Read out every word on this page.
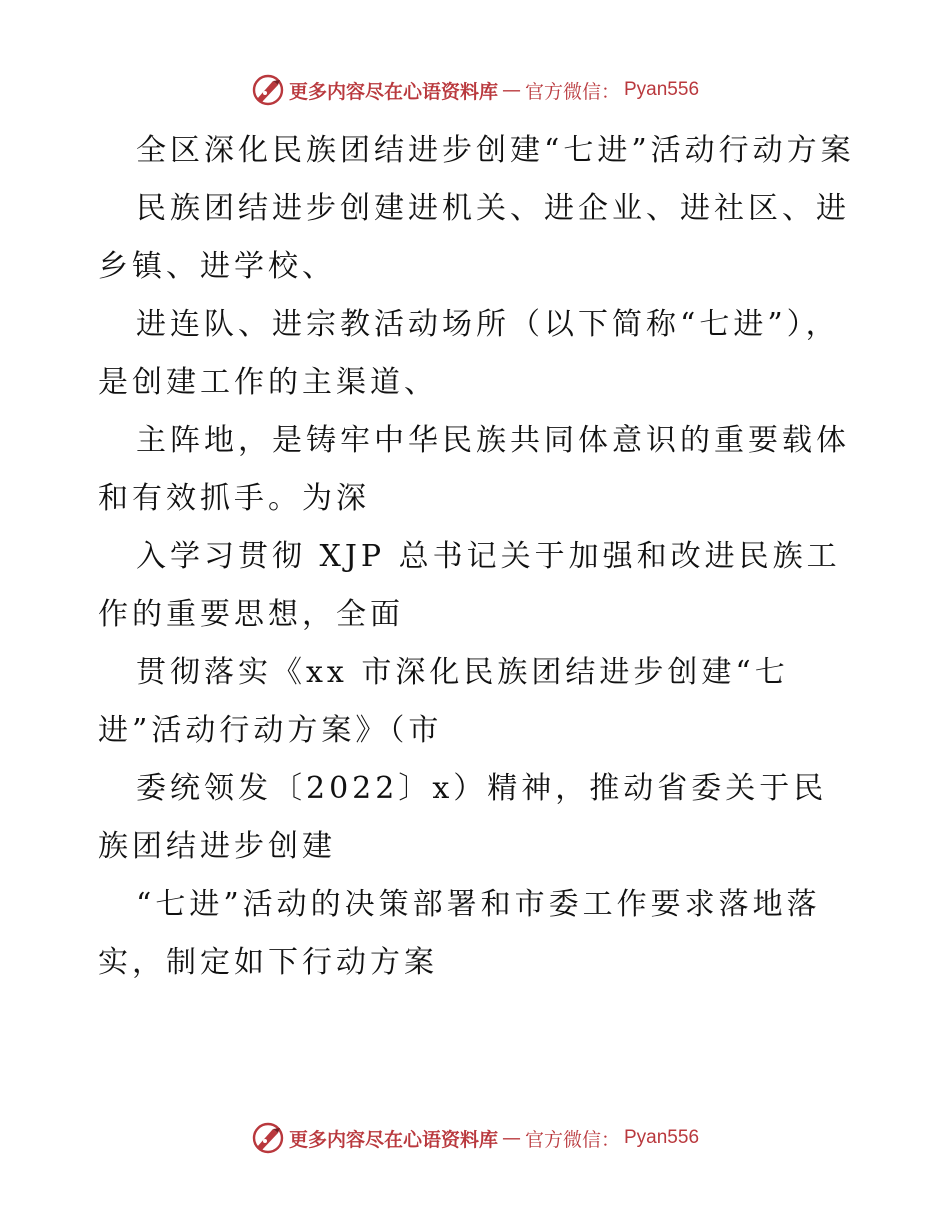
更多内容尽在心语资料库 — 官方微信： Pyan556

全区深化民族团结进步创建“七进”活动行动方案

民族团结进步创建进机关、进企业、进社区、进乡镇、进学校、

进连队、进宗教活动场所（以下简称“七进”），是创建工作的主渠道、

主阵地，是铸牢中华民族共同体意识的重要载体和有效抓手。为深

入学习贯彻 XJP 总书记关于加强和改进民族工作的重要思想，全面

贯彻落实《xx 市深化民族团结进步创建“七进”活动行动方案》（市

委统领发〔2022〕x）精神，推动省委关于民族团结进步创建

“七进”活动的决策部署和市委工作要求落地落实，制定如下行动方案

更多内容尽在心语资料库 — 官方微信： Pyan556
